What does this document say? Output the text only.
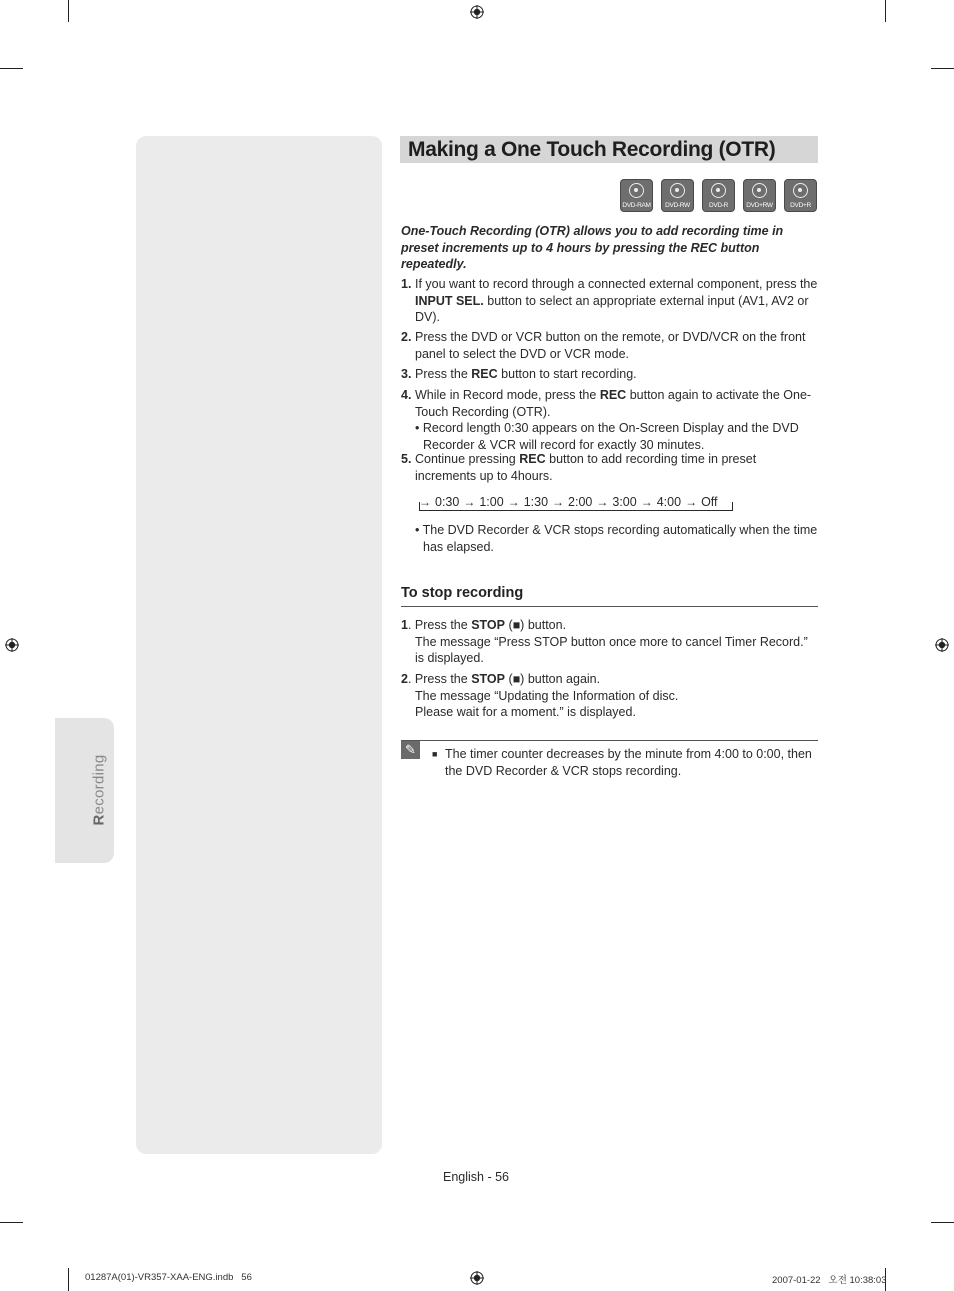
Recording
Making a One Touch Recording (OTR)
DVD-RAM	DVD-RW	DVD-R	DVD+RW	DVD+R
One-Touch Recording (OTR) allows you to add recording time in preset increments up to 4 hours by pressing the REC button repeatedly.
1. If you want to record through a connected external component, press the INPUT SEL. button to select an appropriate external input (AV1, AV2 or DV).
2. Press the DVD or VCR button on the remote, or DVD/VCR on the front panel to select the DVD or VCR mode.
3. Press the REC button to start recording.
4. While in Record mode, press the REC button again to activate the One-Touch Recording (OTR).
• Record length 0:30 appears on the On-Screen Display and the DVD Recorder & VCR will record for exactly 30 minutes.
5. Continue pressing REC button to add recording time in preset increments up to 4hours.
→ 0:30 → 1:00 → 1:30 → 2:00 → 3:00 → 4:00 → Off
• The DVD Recorder & VCR stops recording automatically when the time has elapsed.
To stop recording
1. Press the STOP (■) button.
The message “Press STOP button once more to cancel Timer Record.” is displayed.
2. Press the STOP (■) button again.
The message “Updating the Information of disc.
Please wait for a moment.” is displayed.
✎	■ The timer counter decreases by the minute from 4:00 to 0:00, then the DVD Recorder & VCR stops recording.
English - 56
01287A(01)-VR357-XAA-ENG.indb   56	2007-01-22   오전 10:38:03
